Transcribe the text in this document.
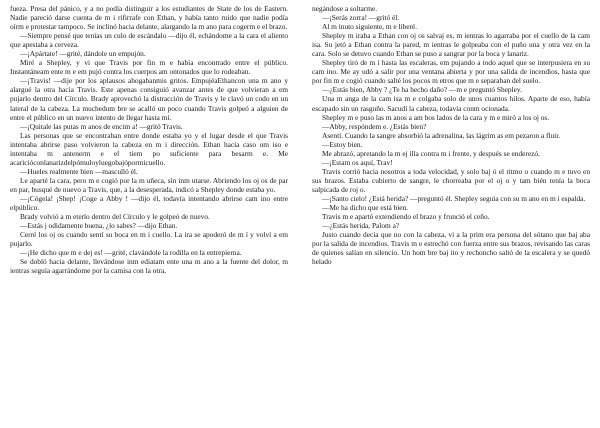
fueza. Presa del pánico, y a no podía distinguir a los estudiantes de State de los de Eastern. Nadie pareció darse cuenta de m i rifirrafe con Ethan, y había tanto ruido que nadie podía oírm e protestar tampoco. Se inclinó hacia delante, alargando la m ano para cogerm e el brazo.

—Siempre pensé que tenías un culo de escándalo —dijo él, echándome a la cara el aliento que apestaba a cerveza.

—¡Apártate! —grité, dándole un empujón.

Miré a Shepley, y vi que Travis por fin m e había encontrado entre el público. Instantáneam ente m e em pujó contra los cuerpos am ontonados que lo rodeaban.

—¡Travis! —dije por los aplausos ahogabanmis gritos. EmpujéaEthancon una m ano y alargué la otra hacia Travis. Este apenas consiguió avanzar antes de que volvieran a em pujarlo dentro del Círculo. Brady aprovechó la distracción de Travis y le clavó un codo en un lateral de la cabeza. La muchedum bre se acalló un poco cuando Travis golpeó a alguien de entre el público en un nuevo intento de llegar hasta mí.

—¡Quitale las putas m anos de encim a! —gritó Travis.

Las personas que se encontraban entre donde estaba yo y el lugar desde el que Travis intentaba abrirse paso volvieron la cabeza en m i dirección. Ethan hacía caso om iso e intentaba m antenerm e el tiem po suficiente para besarm e. Me acaricióconlanarizdelpómuloyluegobajópormicuello.

—Hueles realmente bien —masculló él.

Le aparté la cara, pero m e cogió por la m uñeca, sin inm utarse. Abriendo los oj os de par en par, busqué de nuevo a Travis, que, a la desesperada, indicó a Shepley donde estaba yo.

—¡Cógela! ¡Shep! ¡Coge a Abby ! —dijo él, todavía intentando abrirse cam ino entre elpúblico.

Brady volvió a m eterlo dentro del Círculo y le golpeó de nuevo.

—Estás j odidamente buena, ¿lo sabes? —dijo Ethan.

Cerré los oj os cuando sentí su boca en m i cuello. La ira se apoderó de m í y volví a em pujarlo.

—¡He dicho que m e dej es! —grité, clavándole la rodilla en la entrepierna.

Se dobló hacia delante, llevándose inm ediatam ente una m ano a la fuente del dolor, m ientras seguía agarrándome por la camisa con la otra,

negándose a soltarme.

—¡Serás zorra! —gritó él.

Al m inuto siguiente, m e liberé.

Shepley m iraba a Ethan con oj os salvaj es, m ientras lo agarraba por el cuello de la cam isa. Su jetó a Ethan contra la pared, m ientras le golpeaba con el puño una y otra vez en la cara. Solo se detuvo cuando Ethan se puso a sangrar por la boca y lanariz.

Shepley tiró de m í hasta las escaleras, em pujando a todo aquel que se interpusiera en su cam ino. Me ay udó a salir por una ventana abierta y por una salida de incendios, hasta que por fin m e cogió cuando salté los pocos m etros que m e separaban del suelo.

—¿Estás bien, Abby ? ¿Te ha hecho daño? —m e preguntó Shepley.

Una m anga de la cam isa m e colgaba solo de unos cuantos hilos. Aparte de eso, había escapado sin un rasguño. Sacudí la cabeza, todavía conm ocionada.

Shepley m e puso las m anos a am bos lados de la cara y m e miró a los oj os.

—Abby, respóndem e. ¿Estás bien?

Asentí. Cuando la sangre absorbió la adrenalina, las lágrim as em pezaron a fluir.

—Estoy bien.

Me abrazó, apretando la m ej illa contra m i frente, y después se enderezó.

—¡Estam os aquí, Trav!

Travis corrió hacia nosotros a toda velocidad, y solo baj ó el ritmo o cuando m e tuvo en sus brazos. Estaba cubierto de sangre, le chorreaba por el oj o y tam bién tenía la boca salpicada de roj o.

—¡Santo cielo! ¿Está herida? —preguntó él. Shepley seguía con su m ano en m i espalda.

—Me ha dicho que está bien.

Travis m e apartó extendiendo el brazo y frunció el ceño.

—¿Estás herida, Palom a?

Justo cuando decía que no con la cabeza, vi a la prim era persona del sótano que baj aba por la salida de incendios. Travis m e estrechó con fuerza entre sus brazos, revisando las caras de quienes salían en silencio. Un hom bre baj ito y rechoncho saltó de la escalera y se quedó helado
